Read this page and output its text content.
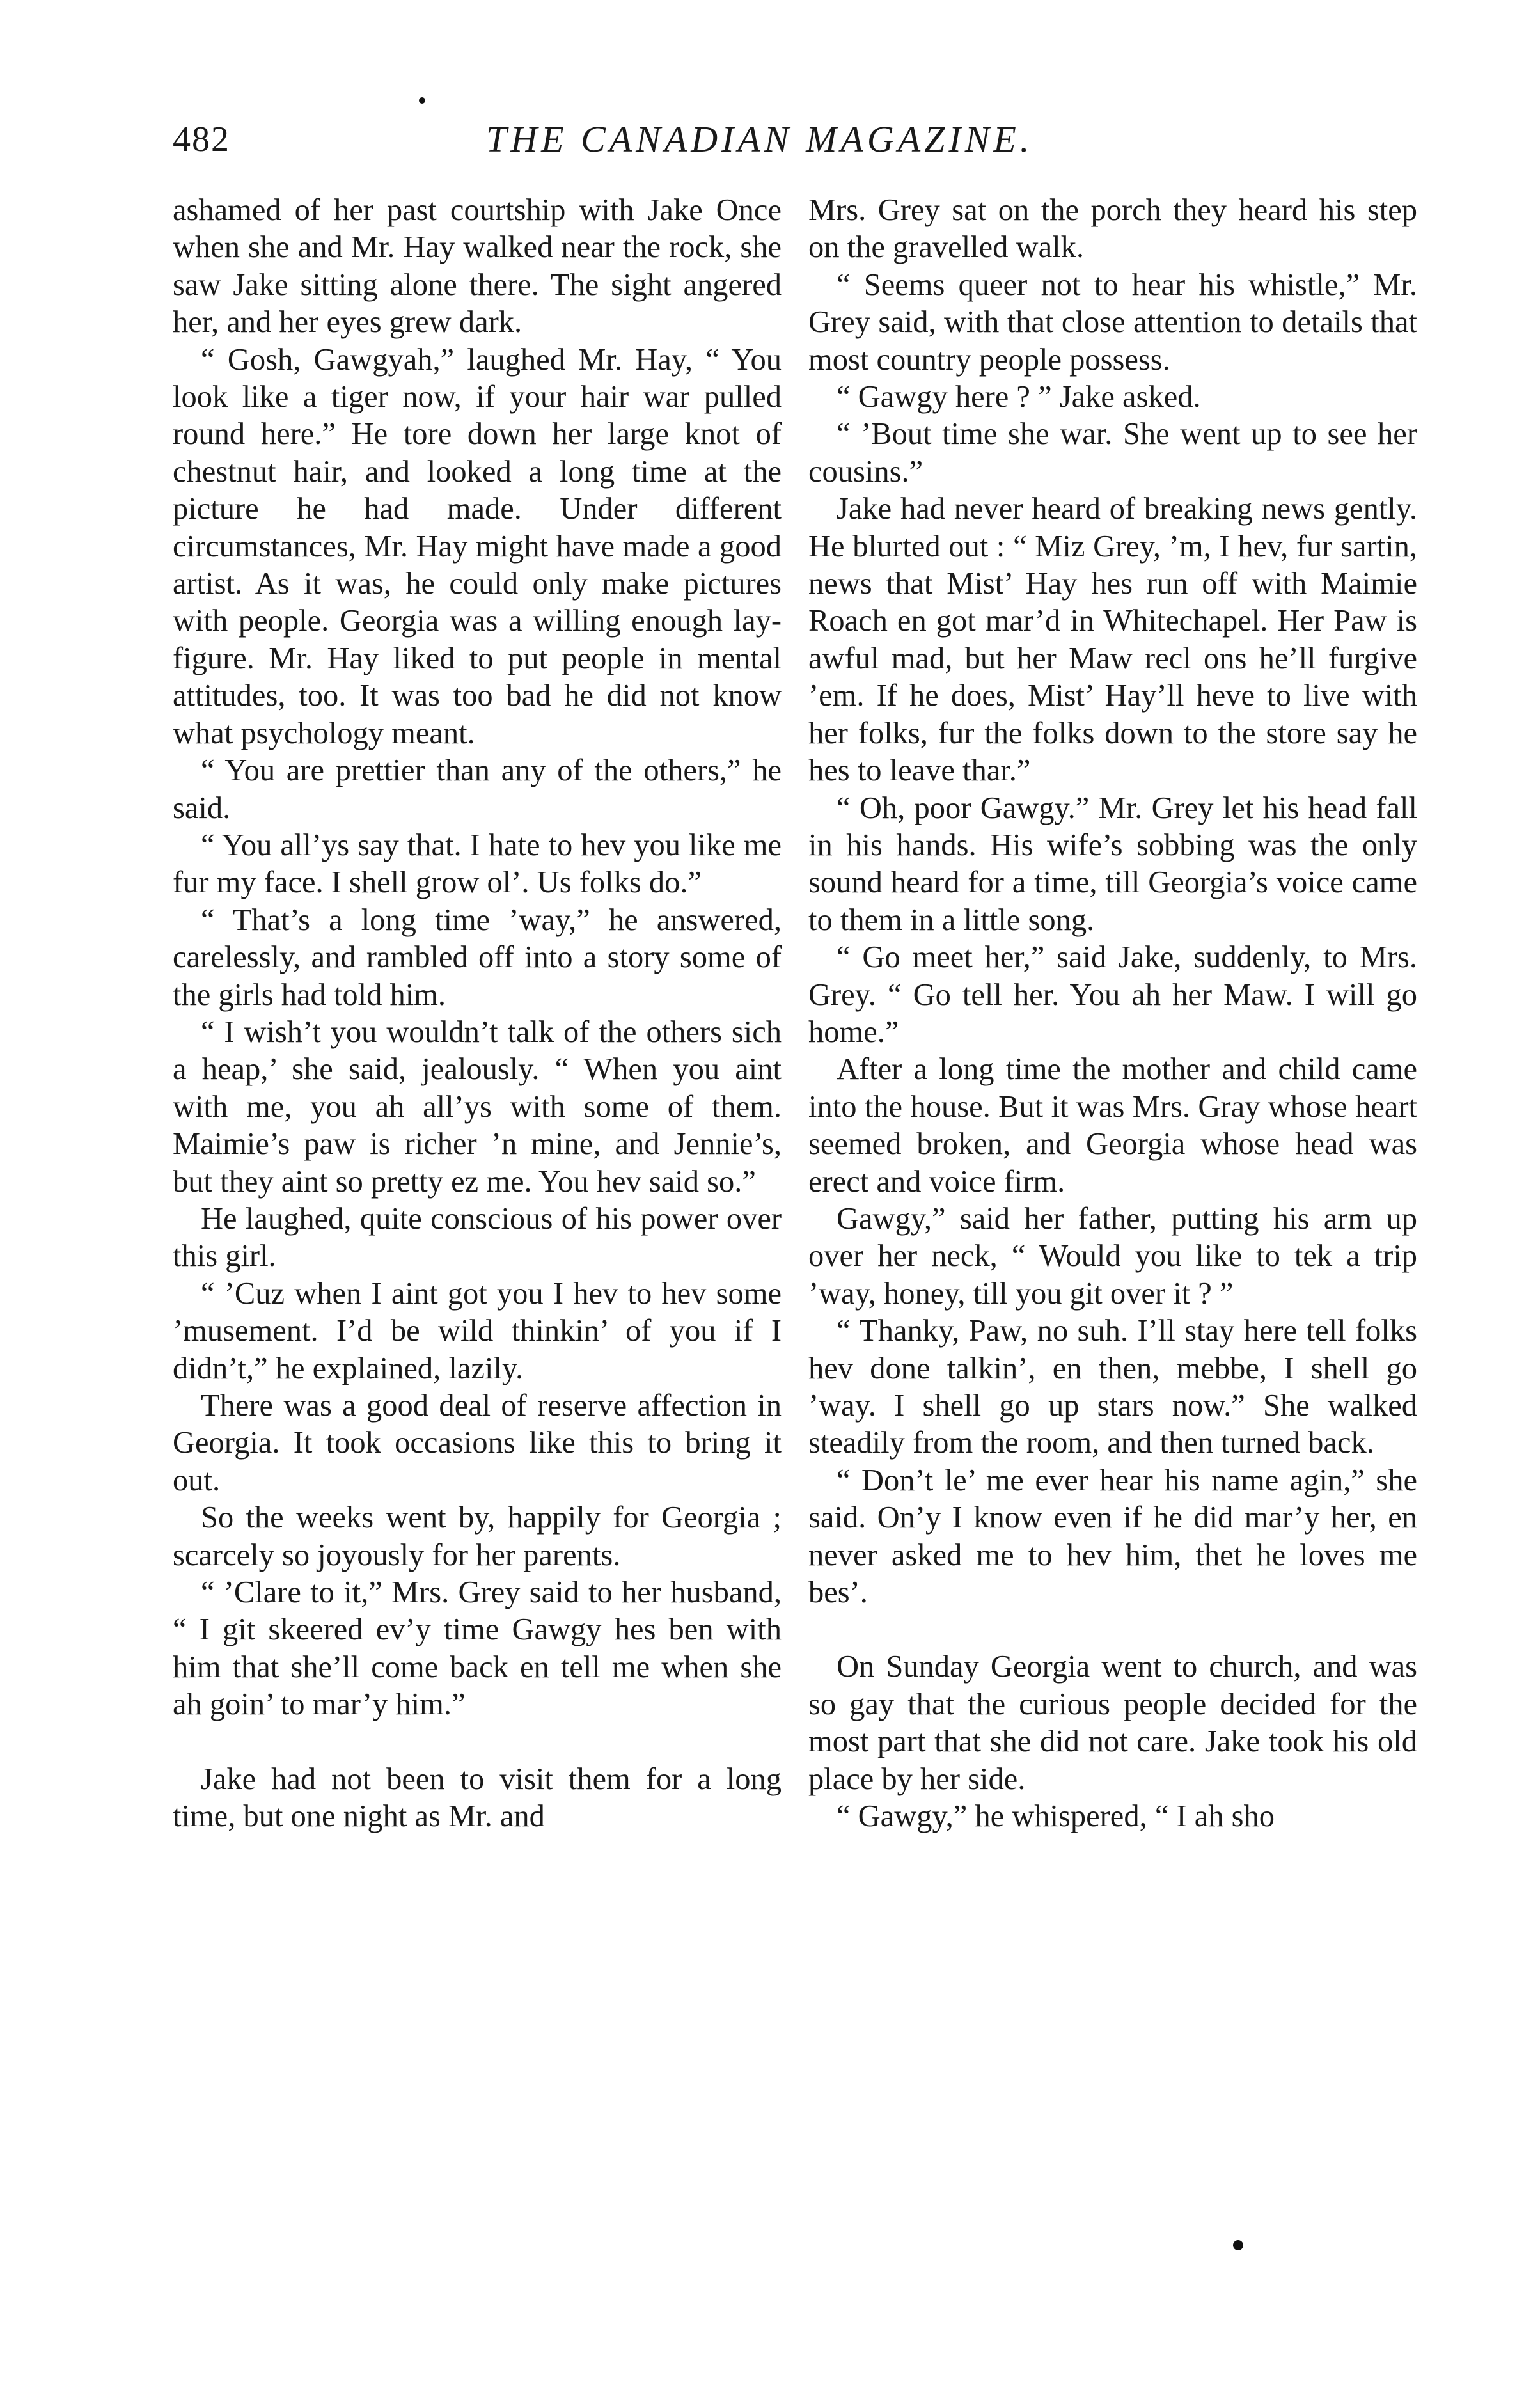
482	THE CANADIAN MAGAZINE.

ashamed of her past courtship with Jake Once when she and Mr. Hay walked near the rock, she saw Jake sitting alone there. The sight angered her, and her eyes grew dark.

“ Gosh, Gawgyah,” laughed Mr. Hay, “ You look like a tiger now, if your hair war pulled round here.” He tore down her large knot of chestnut hair, and looked a long time at the picture he had made. Under different circumstances, Mr. Hay might have made a good artist. As it was, he could only make pictures with people. Georgia was a willing enough lay-figure. Mr. Hay liked to put people in mental attitudes, too. It was too bad he did not know what psychology meant.

“ You are prettier than any of the others,” he said.

“ You all’ys say that. I hate to hev you like me fur my face. I shell grow ol’. Us folks do.”

“ That’s a long time ’way,” he answered, carelessly, and rambled off into a story some of the girls had told him.

“ I wish’t you wouldn’t talk of the others sich a heap,’ she said, jealously. “ When you aint with me, you ah all’ys with some of them. Maimie’s paw is richer ’n mine, and Jennie’s, but they aint so pretty ez me. You hev said so.”

He laughed, quite conscious of his power over this girl.

“ ’Cuz when I aint got you I hev to hev some ’musement. I’d be wild thinkin’ of you if I didn’t,” he explained, lazily.

There was a good deal of reserve affection in Georgia. It took occasions like this to bring it out.

So the weeks went by, happily for Georgia ; scarcely so joyously for her parents.

“ ’Clare to it,” Mrs. Grey said to her husband, “ I git skeered ev’y time Gawgy hes ben with him that she’ll come back en tell me when she ah goin’ to mar’y him.”

Jake had not been to visit them for a long time, but one night as Mr. and

Mrs. Grey sat on the porch they heard his step on the gravelled walk.

“ Seems queer not to hear his whistle,” Mr. Grey said, with that close attention to details that most country people possess.

“ Gawgy here ? ” Jake asked.

“ ’Bout time she war. She went up to see her cousins.”

Jake had never heard of breaking news gently. He blurted out : “ Miz Grey, ’m, I hev, fur sartin, news that Mist’ Hay hes run off with Maimie Roach en got mar’d in Whitechapel. Her Paw is awful mad, but her Maw recl ons he’ll furgive ’em. If he does, Mist’ Hay’ll heve to live with her folks, fur the folks down to the store say he hes to leave thar.”

“ Oh, poor Gawgy.” Mr. Grey let his head fall in his hands. His wife’s sobbing was the only sound heard for a time, till Georgia’s voice came to them in a little song.

“ Go meet her,” said Jake, suddenly, to Mrs. Grey. “ Go tell her. You ah her Maw. I will go home.”

After a long time the mother and child came into the house. But it was Mrs. Gray whose heart seemed broken, and Georgia whose head was erect and voice firm.

Gawgy,” said her father, putting his arm up over her neck, “ Would you like to tek a trip ’way, honey, till you git over it ? ”

“ Thanky, Paw, no suh. I’ll stay here tell folks hev done talkin’, en then, mebbe, I shell go ’way. I shell go up stars now.” She walked steadily from the room, and then turned back.

“ Don’t le’ me ever hear his name agin,” she said. On’y I know even if he did mar’y her, en never asked me to hev him, thet he loves me bes’.

On Sunday Georgia went to church, and was so gay that the curious people decided for the most part that she did not care. Jake took his old place by her side.

“ Gawgy,” he whispered, “ I ah sho
